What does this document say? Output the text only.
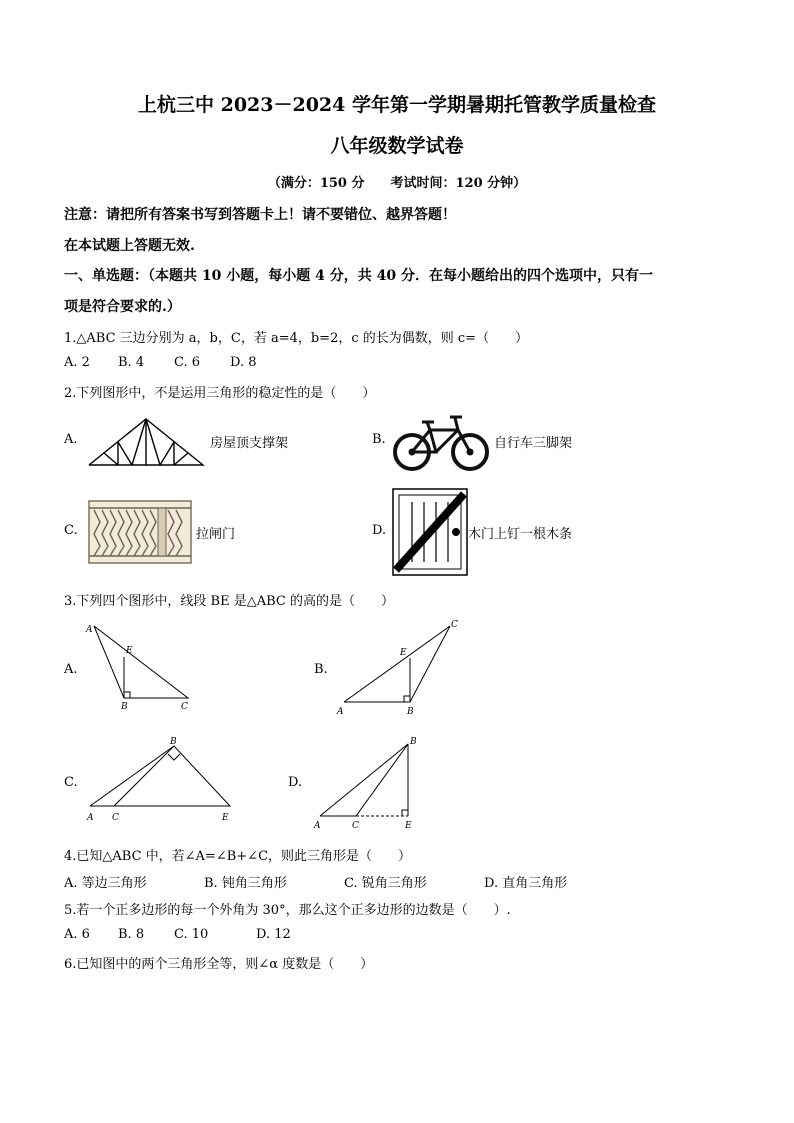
上杭三中 2023－2024 学年第一学期暑期托管教学质量检查
八年级数学试卷
（满分：150 分　　考试时间：120 分钟）
注意：请把所有答案书写到答题卡上！请不要错位、越界答题！
在本试题上答题无效.
一、单选题：（本题共 10 小题，每小题 4 分，共 40 分．在每小题给出的四个选项中，只有一
项是符合要求的.）
1.△ABC 三边分别为 a，b，C，若 a=4，b=2，c 的长为偶数，则 c=（　　）
A. 2 B. 4 C. 6 D. 8
2.下列图形中，不是运用三角形的稳定性的是（　　）
A.	房屋顶支撑架	B.	自行车三脚架
C.	拉闸门	D.	木门上钉一根木条
3.下列四个图形中，线段 BE 是△ABC 的高的是（　　）
A.
A
E
B	C
B.
A	B
C
E
C.
A C
B
E
D.
A	C
B
E
4.已知△ABC 中，若∠A=∠B+∠C，则此三角形是（　　）
A. 等边三角形	B. 钝角三角形	C. 锐角三角形	D. 直角三角形
5.若一个正多边形的每一个外角为 30°，那么这个正多边形的边数是（　　）.
A. 6 B. 8 C. 10	D. 12
6.已知图中的两个三角形全等，则∠α 度数是（　　）
